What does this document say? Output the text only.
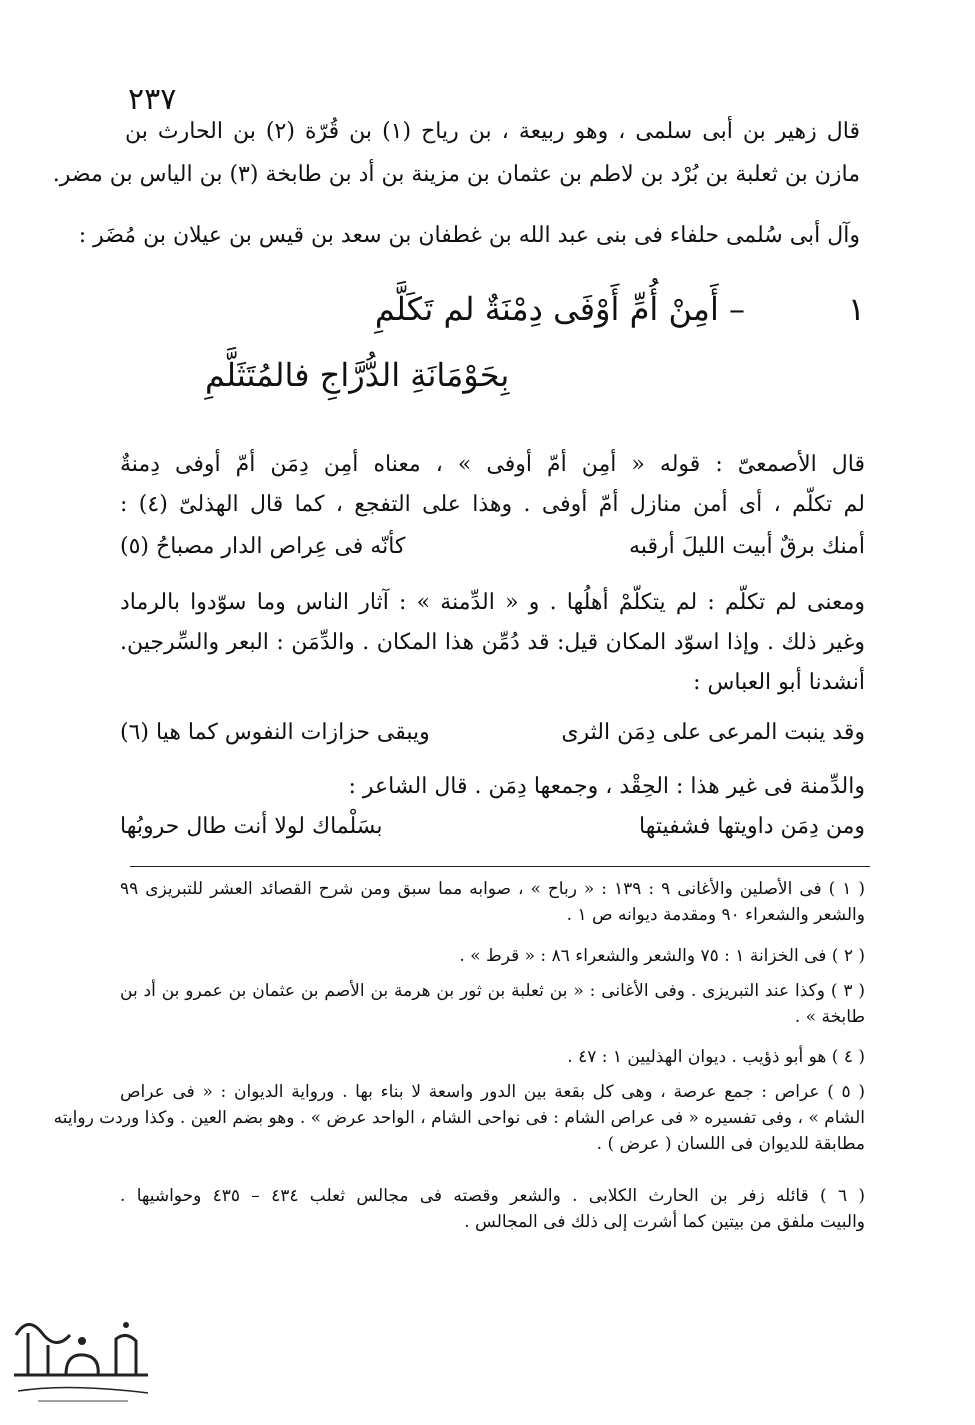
٢٣٧
قال زهير بن أبى سلمى ، وهو ربيعة ، بن رياح (١) بن قُرّة (٢) بن الحارث بن
مازن بن ثعلبة بن بُرْد بن لاطم بن عثمان بن مزينة بن أد بن طابخة (٣) بن الياس بن مضر.
وآل أبى سُلمى حلفاء فى بنى عبد الله بن غطفان بن سعد بن قيس بن عيلان بن مُضَر :
١
– أَمِنْ أُمِّ أَوْفَى دِمْنَةٌ لم تَكَلَّمِ
بِحَوْمَانَةِ الدُّرَّاجِ فالمُتَثَلَّمِ
قال الأصمعىّ : قوله « أمِن أمّ أوفى » ، معناه أمِن دِمَن أمّ أوفى دِمنةٌ
لم تكلّم ، أى أمن منازل أمّ أوفى . وهذا على التفجع ، كما قال الهذلىّ (٤) :
أمنك برقٌ أبيت الليلَ أرقبه
كأنّه فى عِراص الدار مصباحُ (٥)
ومعنى لم تكلّم : لم يتكلّمْ أهلُها . و « الدِّمنة » : آثار الناس وما سوّدوا بالرماد
وغير ذلك . وإذا اسوّد المكان قيل: قد دُمِّن هذا المكان . والدِّمَن : البعر والسِّرجين.
أنشدنا أبو العباس :
وقد ينبت المرعى على دِمَن الثرى
ويبقى حزازات النفوس كما هيا (٦)
والدِّمنة فى غير هذا : الحِقْد ، وجمعها دِمَن . قال الشاعر :
ومن دِمَن داويتها فشفيتها
بسَلْماك لولا أنت طال حروبُها
( ١ ) فى الأصلين والأغانى ٩ : ١٣٩ : « رباح » ، صوابه مما سبق ومن شرح القصائد العشر للتبريزى ٩٩
والشعر والشعراء ٩٠ ومقدمة ديوانه ص ١ .
( ٢ ) فى الخزانة ١ : ٧٥ والشعر والشعراء ٨٦ : « قرط » .
( ٣ ) وكذا عند التبريزى . وفى الأغانى : « بن ثعلبة بن ثور بن هرمة بن الأصم بن عثمان بن عمرو بن أد بن
طابخة » .
( ٤ ) هو أبو ذؤيب . ديوان الهذليين ١ : ٤٧ .
( ٥ ) عراص : جمع عرصة ، وهى كل بقعة بين الدور واسعة لا بناء بها . ورواية الديوان : « فى عراص
الشام » ، وفى تفسيره « فى عراص الشام : فى نواحى الشام ، الواحد عرض » . وهو بضم العين . وكذا وردت روايته
مطابقة للديوان فى اللسان ( عرض ) .
( ٦ ) قائله زفر بن الحارث الكلابى . والشعر وقصته فى مجالس ثعلب ٤٣٤ – ٤٣٥ وحواشيها .
والبيت ملفق من بيتين كما أشرت إلى ذلك فى المجالس .
